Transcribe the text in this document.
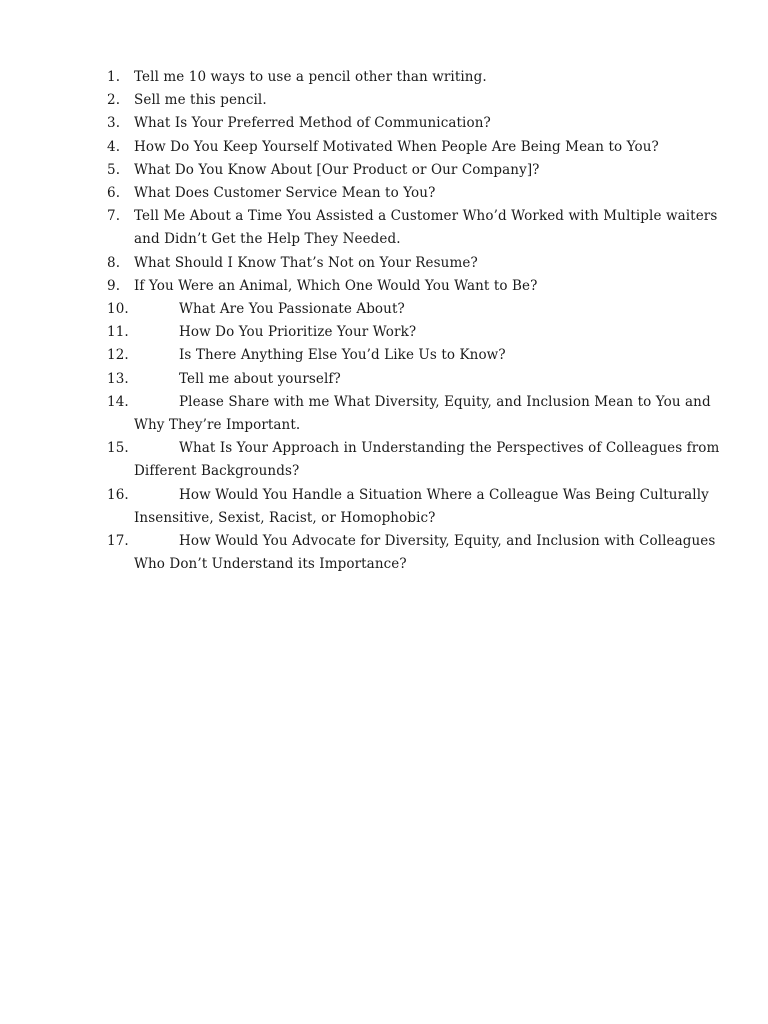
1. Tell me 10 ways to use a pencil other than writing.
2. Sell me this pencil.
3. What Is Your Preferred Method of Communication?
4. How Do You Keep Yourself Motivated When People Are Being Mean to You?
5. What Do You Know About [Our Product or Our Company]?
6. What Does Customer Service Mean to You?
7. Tell Me About a Time You Assisted a Customer Who’d Worked with Multiple waiters and Didn’t Get the Help They Needed.
8. What Should I Know That’s Not on Your Resume?
9. If You Were an Animal, Which One Would You Want to Be?
10.	What Are You Passionate About?
11.	How Do You Prioritize Your Work?
12.	Is There Anything Else You’d Like Us to Know?
13.	Tell me about yourself?
14.	Please Share with me What Diversity, Equity, and Inclusion Mean to You and Why They’re Important.
15.	What Is Your Approach in Understanding the Perspectives of Colleagues from Different Backgrounds?
16.	How Would You Handle a Situation Where a Colleague Was Being Culturally Insensitive, Sexist, Racist, or Homophobic?
17.	How Would You Advocate for Diversity, Equity, and Inclusion with Colleagues Who Don’t Understand its Importance?
